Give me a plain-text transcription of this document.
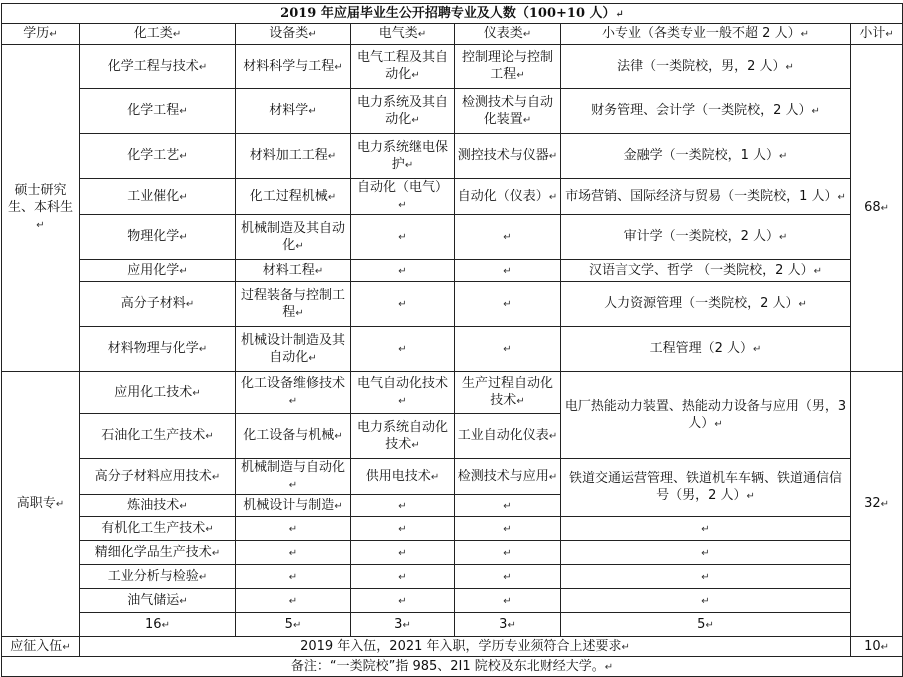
2019 年应届毕业生公开招聘专业及人数（100+10 人）↵						
学历↵	化工类↵	设备类↵	电气类↵	仪表类↵	小专业（各类专业一般不超 2 人）↵	小计↵
硕士研究生、本科生↵	化学工程与技术↵	材料科学与工程↵	电气工程及其自动化↵	控制理论与控制工程↵	法律（一类院校，男，2 人）↵	68↵
	化学工程↵	材料学↵	电力系统及其自动化↵	检测技术与自动化装置↵	财务管理、会计学（一类院校，2 人）↵	
	化学工艺↵	材料加工工程↵	电力系统继电保护↵	测控技术与仪器↵	金融学（一类院校，1 人）↵	
	工业催化↵	化工过程机械↵	自动化（电气）↵	自动化（仪表）↵	市场营销、国际经济与贸易（一类院校，1 人）↵	
	物理化学↵	机械制造及其自动化↵	↵	↵	审计学（一类院校，2 人）↵	
	应用化学↵	材料工程↵	↵	↵	汉语言文学、哲学 （一类院校，2 人）↵	
	高分子材料↵	过程装备与控制工程↵	↵	↵	人力资源管理（一类院校，2 人）↵	
	材料物理与化学↵	机械设计制造及其自动化↵	↵	↵	工程管理（2 人）↵	
高职专↵	应用化工技术↵	化工设备维修技术↵	电气自动化技术↵	生产过程自动化技术↵	电厂热能动力装置、热能动力设备与应用（男，3 人）↵	32↵
	石油化工生产技术↵	化工设备与机械↵	电力系统自动化技术↵	工业自动化仪表↵		
	高分子材料应用技术↵	机械制造与自动化↵	供用电技术↵	检测技术与应用↵	铁道交通运营管理、铁道机车车辆、铁道通信信号（男，2 人）↵	
	炼油技术↵	机械设计与制造↵	↵	↵		
	有机化工生产技术↵	↵	↵	↵	↵	
	精细化学品生产技术↵	↵	↵	↵	↵	
	工业分析与检验↵	↵	↵	↵	↵	
	油气储运↵	↵	↵	↵	↵	
	16↵	5↵	3↵	3↵	5↵	
应征入伍↵	2019 年入伍，2021 年入职，学历专业须符合上述要求↵					10↵
备注：“一类院校”指 985、2I1 院校及东北财经大学。↵						
